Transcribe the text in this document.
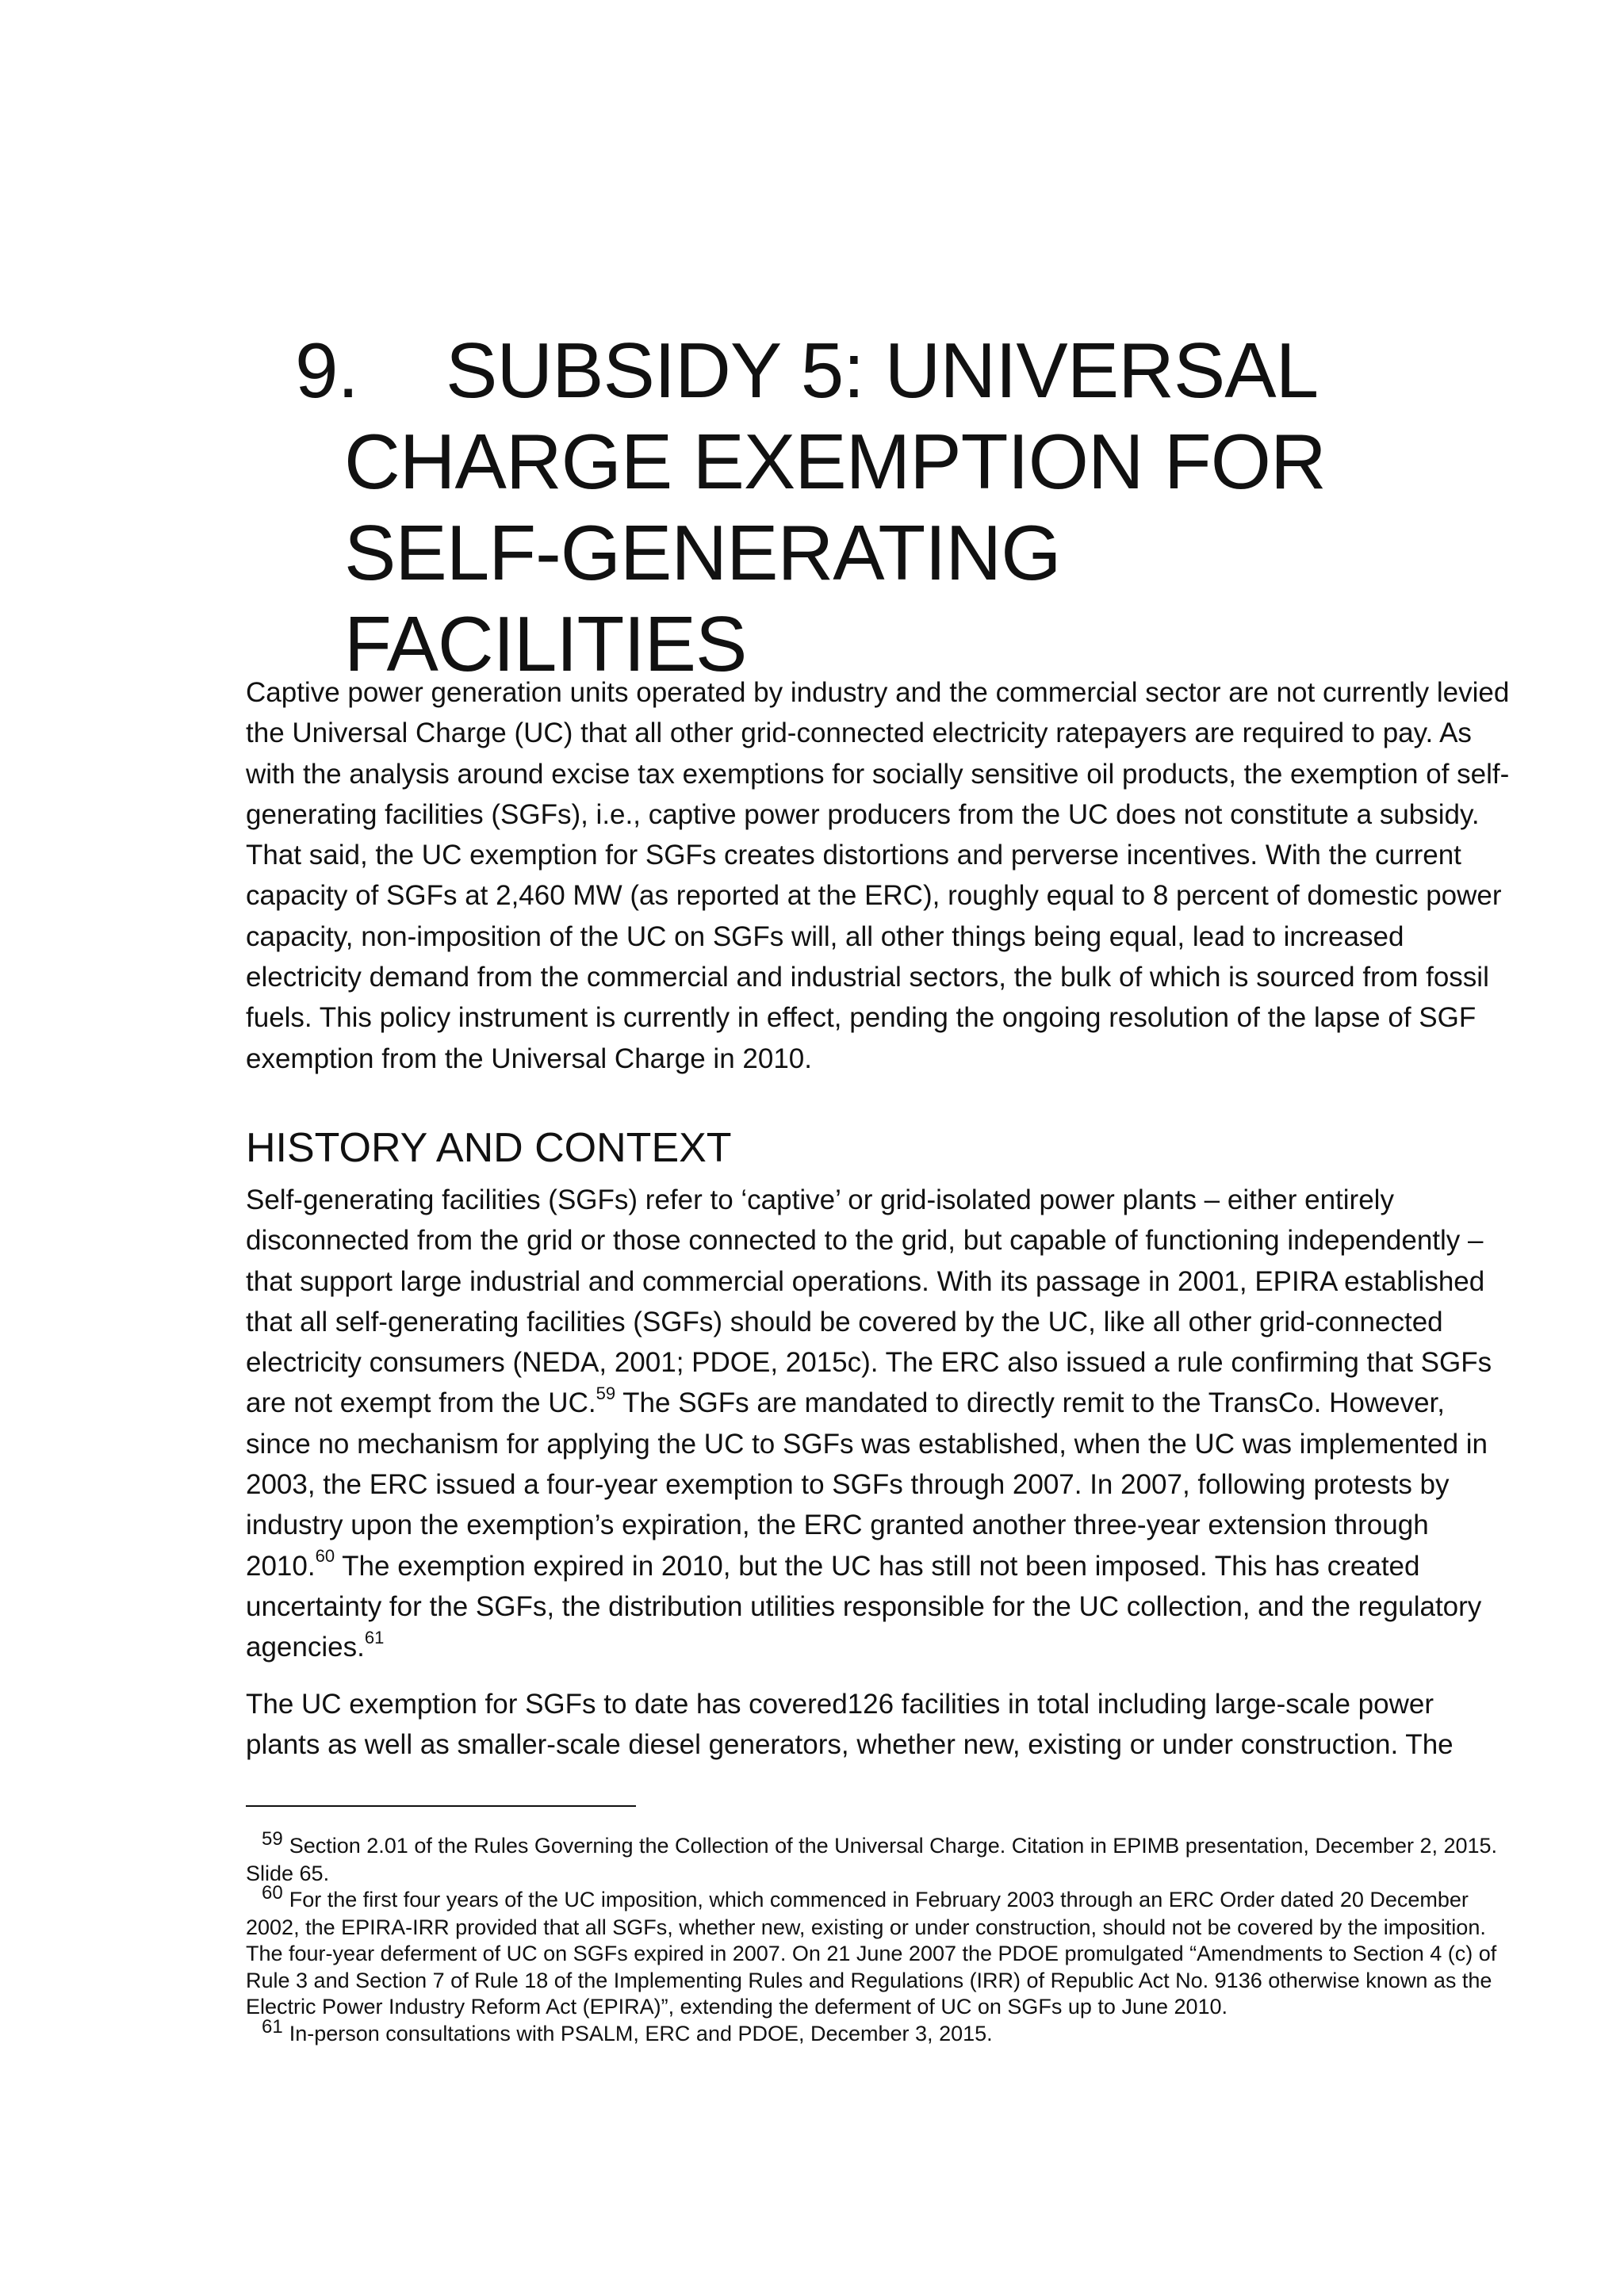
9. SUBSIDY 5: UNIVERSAL
CHARGE EXEMPTION FOR
SELF-GENERATING FACILITIES

Captive power generation units operated by industry and the commercial sector are not currently levied the Universal Charge (UC) that all other grid-connected electricity ratepayers are required to pay. As with the analysis around excise tax exemptions for socially sensitive oil products, the exemption of self-generating facilities (SGFs), i.e., captive power producers from the UC does not constitute a subsidy. That said, the UC exemption for SGFs creates distortions and perverse incentives. With the current capacity of SGFs at 2,460 MW (as reported at the ERC), roughly equal to 8 percent of domestic power capacity, non-imposition of the UC on SGFs will, all other things being equal, lead to increased electricity demand from the commercial and industrial sectors, the bulk of which is sourced from fossil fuels. This policy instrument is currently in effect, pending the ongoing resolution of the lapse of SGF exemption from the Universal Charge in 2010.

HISTORY AND CONTEXT

Self-generating facilities (SGFs) refer to ‘captive’ or grid-isolated power plants – either entirely disconnected from the grid or those connected to the grid, but capable of functioning independently – that support large industrial and commercial operations. With its passage in 2001, EPIRA established that all self-generating facilities (SGFs) should be covered by the UC, like all other grid-connected electricity consumers (NEDA, 2001; PDOE, 2015c). The ERC also issued a rule confirming that SGFs are not exempt from the UC.$^{59}$ The SGFs are mandated to directly remit to the TransCo. However, since no mechanism for applying the UC to SGFs was established, when the UC was implemented in 2003, the ERC issued a four-year exemption to SGFs through 2007. In 2007, following protests by industry upon the exemption’s expiration, the ERC granted another three-year extension through 2010.60 The exemption expired in 2010, but the UC has still not been imposed. This has created uncertainty for the SGFs, the distribution utilities responsible for the UC collection, and the regulatory agencies.$^{61}$

The UC exemption for SGFs to date has covered126 facilities in total including large-scale power plants as well as smaller-scale diesel generators, whether new, existing or under construction. The

59 Section 2.01 of the Rules Governing the Collection of the Universal Charge. Citation in EPIMB presentation, December 2, 2015. Slide 65.
60 For the first four years of the UC imposition, which commenced in February 2003 through an ERC Order dated 20 December 2002, the EPIRA-IRR provided that all SGFs, whether new, existing or under construction, should not be covered by the imposition. The four-year deferment of UC on SGFs expired in 2007. On 21 June 2007 the PDOE promulgated “Amendments to Section 4 (c) of Rule 3 and Section 7 of Rule 18 of the Implementing Rules and Regulations (IRR) of Republic Act No. 9136 otherwise known as the Electric Power Industry Reform Act (EPIRA)”, extending the deferment of UC on SGFs up to June 2010.
61 In-person consultations with PSALM, ERC and PDOE, December 3, 2015.
